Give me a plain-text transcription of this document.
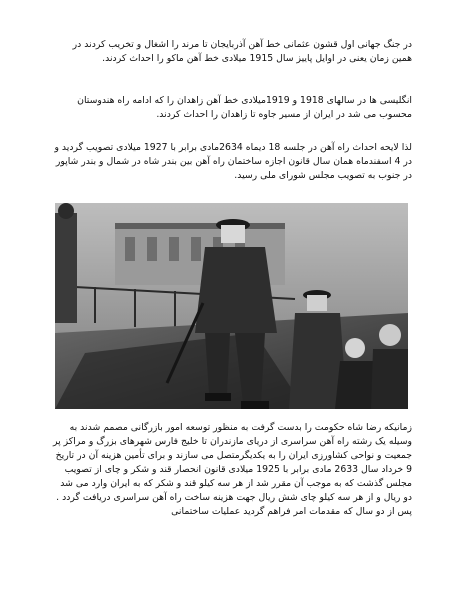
در جنگ جهانی اول قشون عثمانی خط آهن آذربایجان تا مرند را اشغال و تخریب کردند در همین زمان یعنی در اوایل پاییز سال 1915 میلادی خط آهن ماکو را احداث کردند.

انگلیسی ها در سالهای 1918 و 1919میلادی خط آهن زاهدان را که ادامه راه هندوستان محسوب می شد در ایران از مسیر جاوه تا زاهدان را احداث کردند.

لذا لایحه احداث راه آهن در جلسه 18 دیماه 2634مادی برابر با 1927 میلادی تصویب گردید و در 4 اسفندماه همان سال قانون اجازه ساختمان راه آهن بین بندر شاه در شمال و بندر شاپور در جنوب به تصویب مجلس شورای ملی رسید.

زمانیکه رضا شاه حکومت را بدست گرفت به منظور توسعه امور بازرگانی مصمم شدند به وسیله یک رشته راه آهن سراسری از دریای مازندران تا خلیج فارس شهرهای بزرگ و مراکز پر جمعیت و نواحی کشاورزی ایران را به یکدیگرمتصل می سازند و برای تأمین هزینه آن در تاریخ 9 خرداد سال 2633 مادی برابر با 1925 میلادی قانون انحصار قند و شکر و چای از تصویب مجلس گذشت که به موجب آن مقرر شد از هر سه کیلو قند و شکر که به ایران وارد می شد دو ریال و از هر سه کیلو چای شش ریال جهت هزینه ساخت راه آهن سراسری دریافت گردد . پس از دو سال که مقدمات امر فراهم گردید عملیات ساختمانی
